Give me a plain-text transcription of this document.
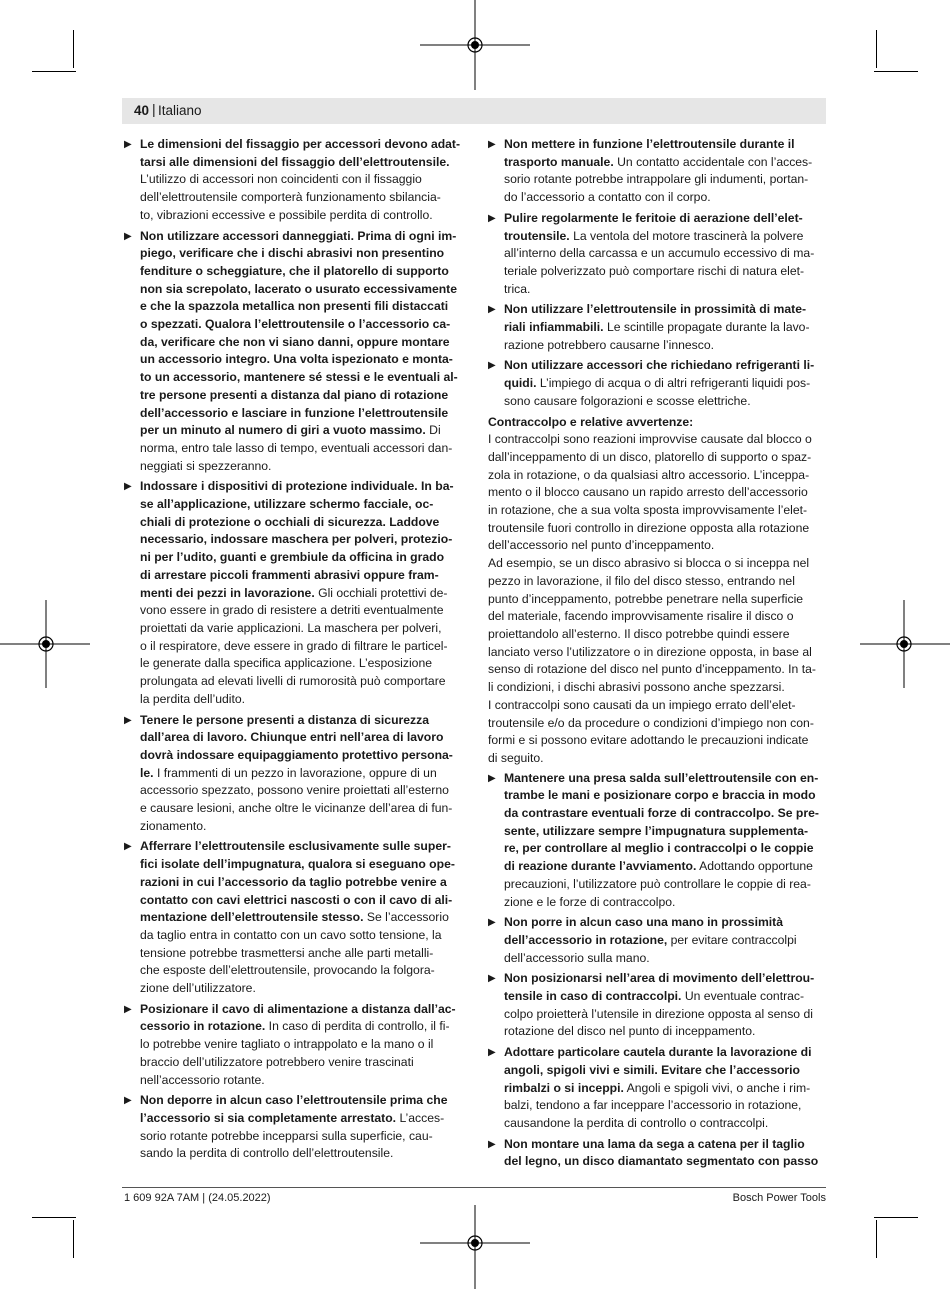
40 | Italiano
▶ Le dimensioni del fissaggio per accessori devono adat-
tarsi alle dimensioni del fissaggio dell’elettroutensile.
L’utilizzo di accessori non coincidenti con il fissaggio
dell’elettroutensile comporterà funzionamento sbilancia-
to, vibrazioni eccessive e possibile perdita di controllo.
▶ Non utilizzare accessori danneggiati. Prima di ogni im-
piego, verificare che i dischi abrasivi non presentino
fenditure o scheggiature, che il platorello di supporto
non sia screpolato, lacerato o usurato eccessivamente
e che la spazzola metallica non presenti fili distaccati
o spezzati. Qualora l’elettroutensile o l’accessorio ca-
da, verificare che non vi siano danni, oppure montare
un accessorio integro. Una volta ispezionato e monta-
to un accessorio, mantenere sé stessi e le eventuali al-
tre persone presenti a distanza dal piano di rotazione
dell’accessorio e lasciare in funzione l’elettroutensile
per un minuto al numero di giri a vuoto massimo. Di
norma, entro tale lasso di tempo, eventuali accessori dan-
neggiati si spezzeranno.
▶ Indossare i dispositivi di protezione individuale. In ba-
se all’applicazione, utilizzare schermo facciale, oc-
chiali di protezione o occhiali di sicurezza. Laddove
necessario, indossare maschera per polveri, protezio-
ni per l’udito, guanti e grembiule da officina in grado
di arrestare piccoli frammenti abrasivi oppure fram-
menti dei pezzi in lavorazione. Gli occhiali protettivi de-
vono essere in grado di resistere a detriti eventualmente
proiettati da varie applicazioni. La maschera per polveri,
o il respiratore, deve essere in grado di filtrare le particel-
le generate dalla specifica applicazione. L’esposizione
prolungata ad elevati livelli di rumorosità può comportare
la perdita dell’udito.
▶ Tenere le persone presenti a distanza di sicurezza
dall’area di lavoro. Chiunque entri nell’area di lavoro
dovrà indossare equipaggiamento protettivo persona-
le. I frammenti di un pezzo in lavorazione, oppure di un
accessorio spezzato, possono venire proiettati all’esterno
e causare lesioni, anche oltre le vicinanze dell’area di fun-
zionamento.
▶ Afferrare l’elettroutensile esclusivamente sulle super-
fici isolate dell’impugnatura, qualora si eseguano ope-
razioni in cui l’accessorio da taglio potrebbe venire a
contatto con cavi elettrici nascosti o con il cavo di ali-
mentazione dell’elettroutensile stesso. Se l’accessorio
da taglio entra in contatto con un cavo sotto tensione, la
tensione potrebbe trasmettersi anche alle parti metalli-
che esposte dell’elettroutensile, provocando la folgora-
zione dell’utilizzatore.
▶ Posizionare il cavo di alimentazione a distanza dall’ac-
cessorio in rotazione. In caso di perdita di controllo, il fi-
lo potrebbe venire tagliato o intrappolato e la mano o il
braccio dell’utilizzatore potrebbero venire trascinati
nell’accessorio rotante.
▶ Non deporre in alcun caso l’elettroutensile prima che
l’accessorio si sia completamente arrestato. L’acces-
sorio rotante potrebbe incepparsi sulla superficie, cau-
sando la perdita di controllo dell’elettroutensile.
▶ Non mettere in funzione l’elettroutensile durante il
trasporto manuale. Un contatto accidentale con l’acces-
sorio rotante potrebbe intrappolare gli indumenti, portan-
do l’accessorio a contatto con il corpo.
▶ Pulire regolarmente le feritoie di aerazione dell’elet-
troutensile. La ventola del motore trascinerà la polvere
all’interno della carcassa e un accumulo eccessivo di ma-
teriale polverizzato può comportare rischi di natura elet-
trica.
▶ Non utilizzare l’elettroutensile in prossimità di mate-
riali infiammabili. Le scintille propagate durante la lavo-
razione potrebbero causarne l’innesco.
▶ Non utilizzare accessori che richiedano refrigeranti li-
quidi. L’impiego di acqua o di altri refrigeranti liquidi pos-
sono causare folgorazioni e scosse elettriche.
Contraccolpo e relative avvertenze:
I contraccolpi sono reazioni improvvise causate dal blocco o
dall’inceppamento di un disco, platorello di supporto o spaz-
zola in rotazione, o da qualsiasi altro accessorio. L’inceppa-
mento o il blocco causano un rapido arresto dell’accessorio
in rotazione, che a sua volta sposta improvvisamente l’elet-
troutensile fuori controllo in direzione opposta alla rotazione
dell’accessorio nel punto d’inceppamento.
Ad esempio, se un disco abrasivo si blocca o si inceppa nel
pezzo in lavorazione, il filo del disco stesso, entrando nel
punto d’inceppamento, potrebbe penetrare nella superficie
del materiale, facendo improvvisamente risalire il disco o
proiettandolo all’esterno. Il disco potrebbe quindi essere
lanciato verso l’utilizzatore o in direzione opposta, in base al
senso di rotazione del disco nel punto d’inceppamento. In ta-
li condizioni, i dischi abrasivi possono anche spezzarsi.
I contraccolpi sono causati da un impiego errato dell’elet-
troutensile e/o da procedure o condizioni d’impiego non con-
formi e si possono evitare adottando le precauzioni indicate
di seguito.
▶ Mantenere una presa salda sull’elettroutensile con en-
trambe le mani e posizionare corpo e braccia in modo
da contrastare eventuali forze di contraccolpo. Se pre-
sente, utilizzare sempre l’impugnatura supplementa-
re, per controllare al meglio i contraccolpi o le coppie
di reazione durante l’avviamento. Adottando opportune
precauzioni, l’utilizzatore può controllare le coppie di rea-
zione e le forze di contraccolpo.
▶ Non porre in alcun caso una mano in prossimità
dell’accessorio in rotazione, per evitare contraccolpi
dell’accessorio sulla mano.
▶ Non posizionarsi nell’area di movimento dell’elettrou-
tensile in caso di contraccolpi. Un eventuale contrac-
colpo proietterà l’utensile in direzione opposta al senso di
rotazione del disco nel punto di inceppamento.
▶ Adottare particolare cautela durante la lavorazione di
angoli, spigoli vivi e simili. Evitare che l’accessorio
rimbalzi o si inceppi. Angoli e spigoli vivi, o anche i rim-
balzi, tendono a far inceppare l’accessorio in rotazione,
causandone la perdita di controllo o contraccolpi.
▶ Non montare una lama da sega a catena per il taglio
del legno, un disco diamantato segmentato con passo
1 609 92A 7AM | (24.05.2022)	Bosch Power Tools
